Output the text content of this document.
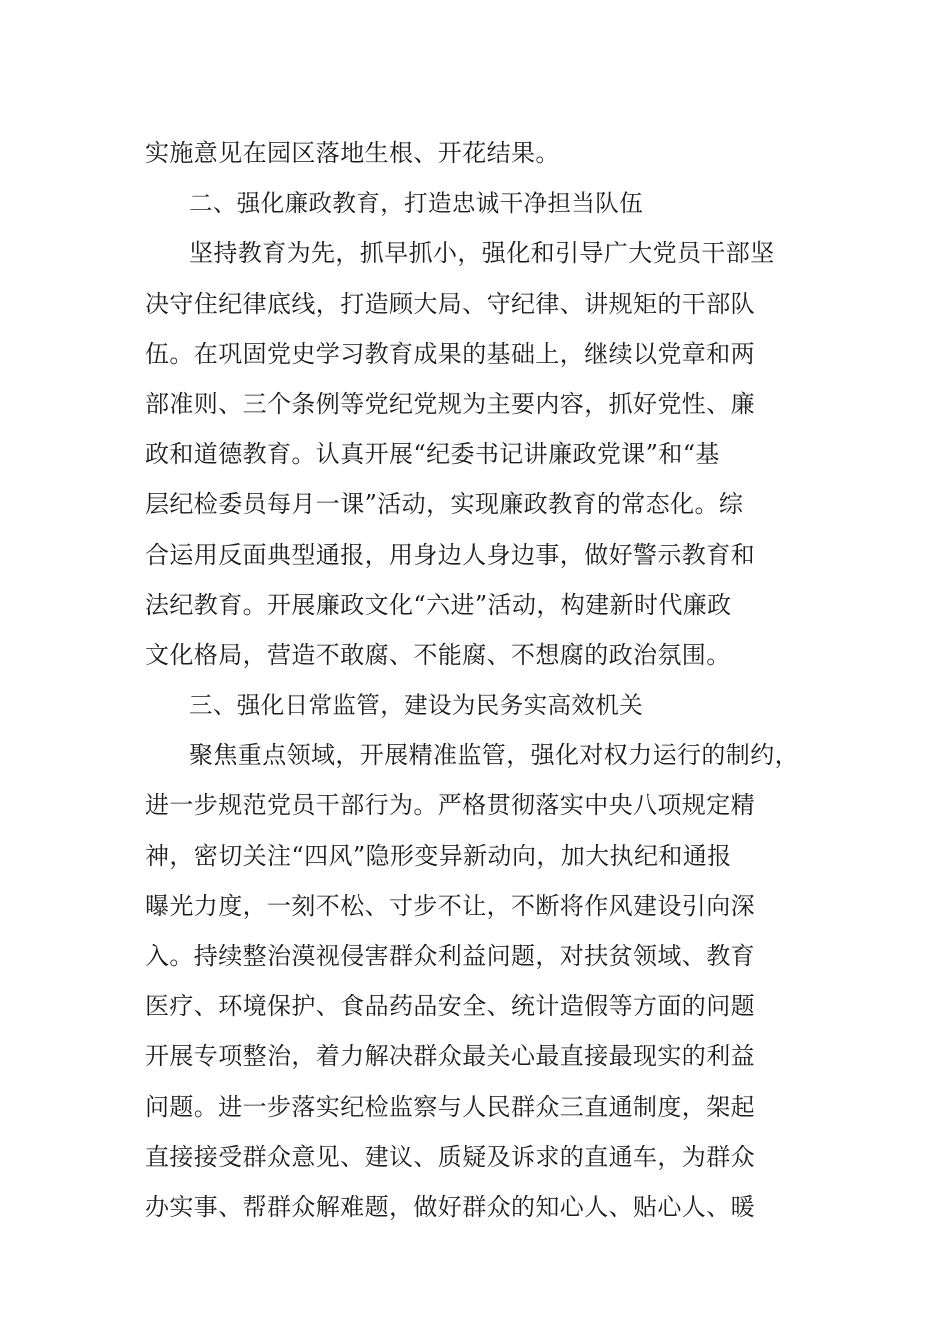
实施意见在园区落地生根、开花结果。
二、强化廉政教育，打造忠诚干净担当队伍
坚持教育为先，抓早抓小，强化和引导广大党员干部坚
决守住纪律底线，打造顾大局、守纪律、讲规矩的干部队
伍。在巩固党史学习教育成果的基础上，继续以党章和两
部准则、三个条例等党纪党规为主要内容，抓好党性、廉
政和道德教育。认真开展“纪委书记讲廉政党课”和“基
层纪检委员每月一课”活动，实现廉政教育的常态化。综
合运用反面典型通报，用身边人身边事，做好警示教育和
法纪教育。开展廉政文化“六进”活动，构建新时代廉政
文化格局，营造不敢腐、不能腐、不想腐的政治氛围。
三、强化日常监管，建设为民务实高效机关
聚焦重点领域，开展精准监管，强化对权力运行的制约，
进一步规范党员干部行为。严格贯彻落实中央八项规定精
神，密切关注“四风”隐形变异新动向，加大执纪和通报
曝光力度，一刻不松、寸步不让，不断将作风建设引向深
入。持续整治漠视侵害群众利益问题，对扶贫领域、教育
医疗、环境保护、食品药品安全、统计造假等方面的问题
开展专项整治，着力解决群众最关心最直接最现实的利益
问题。进一步落实纪检监察与人民群众三直通制度，架起
直接接受群众意见、建议、质疑及诉求的直通车，为群众
办实事、帮群众解难题，做好群众的知心人、贴心人、暖
